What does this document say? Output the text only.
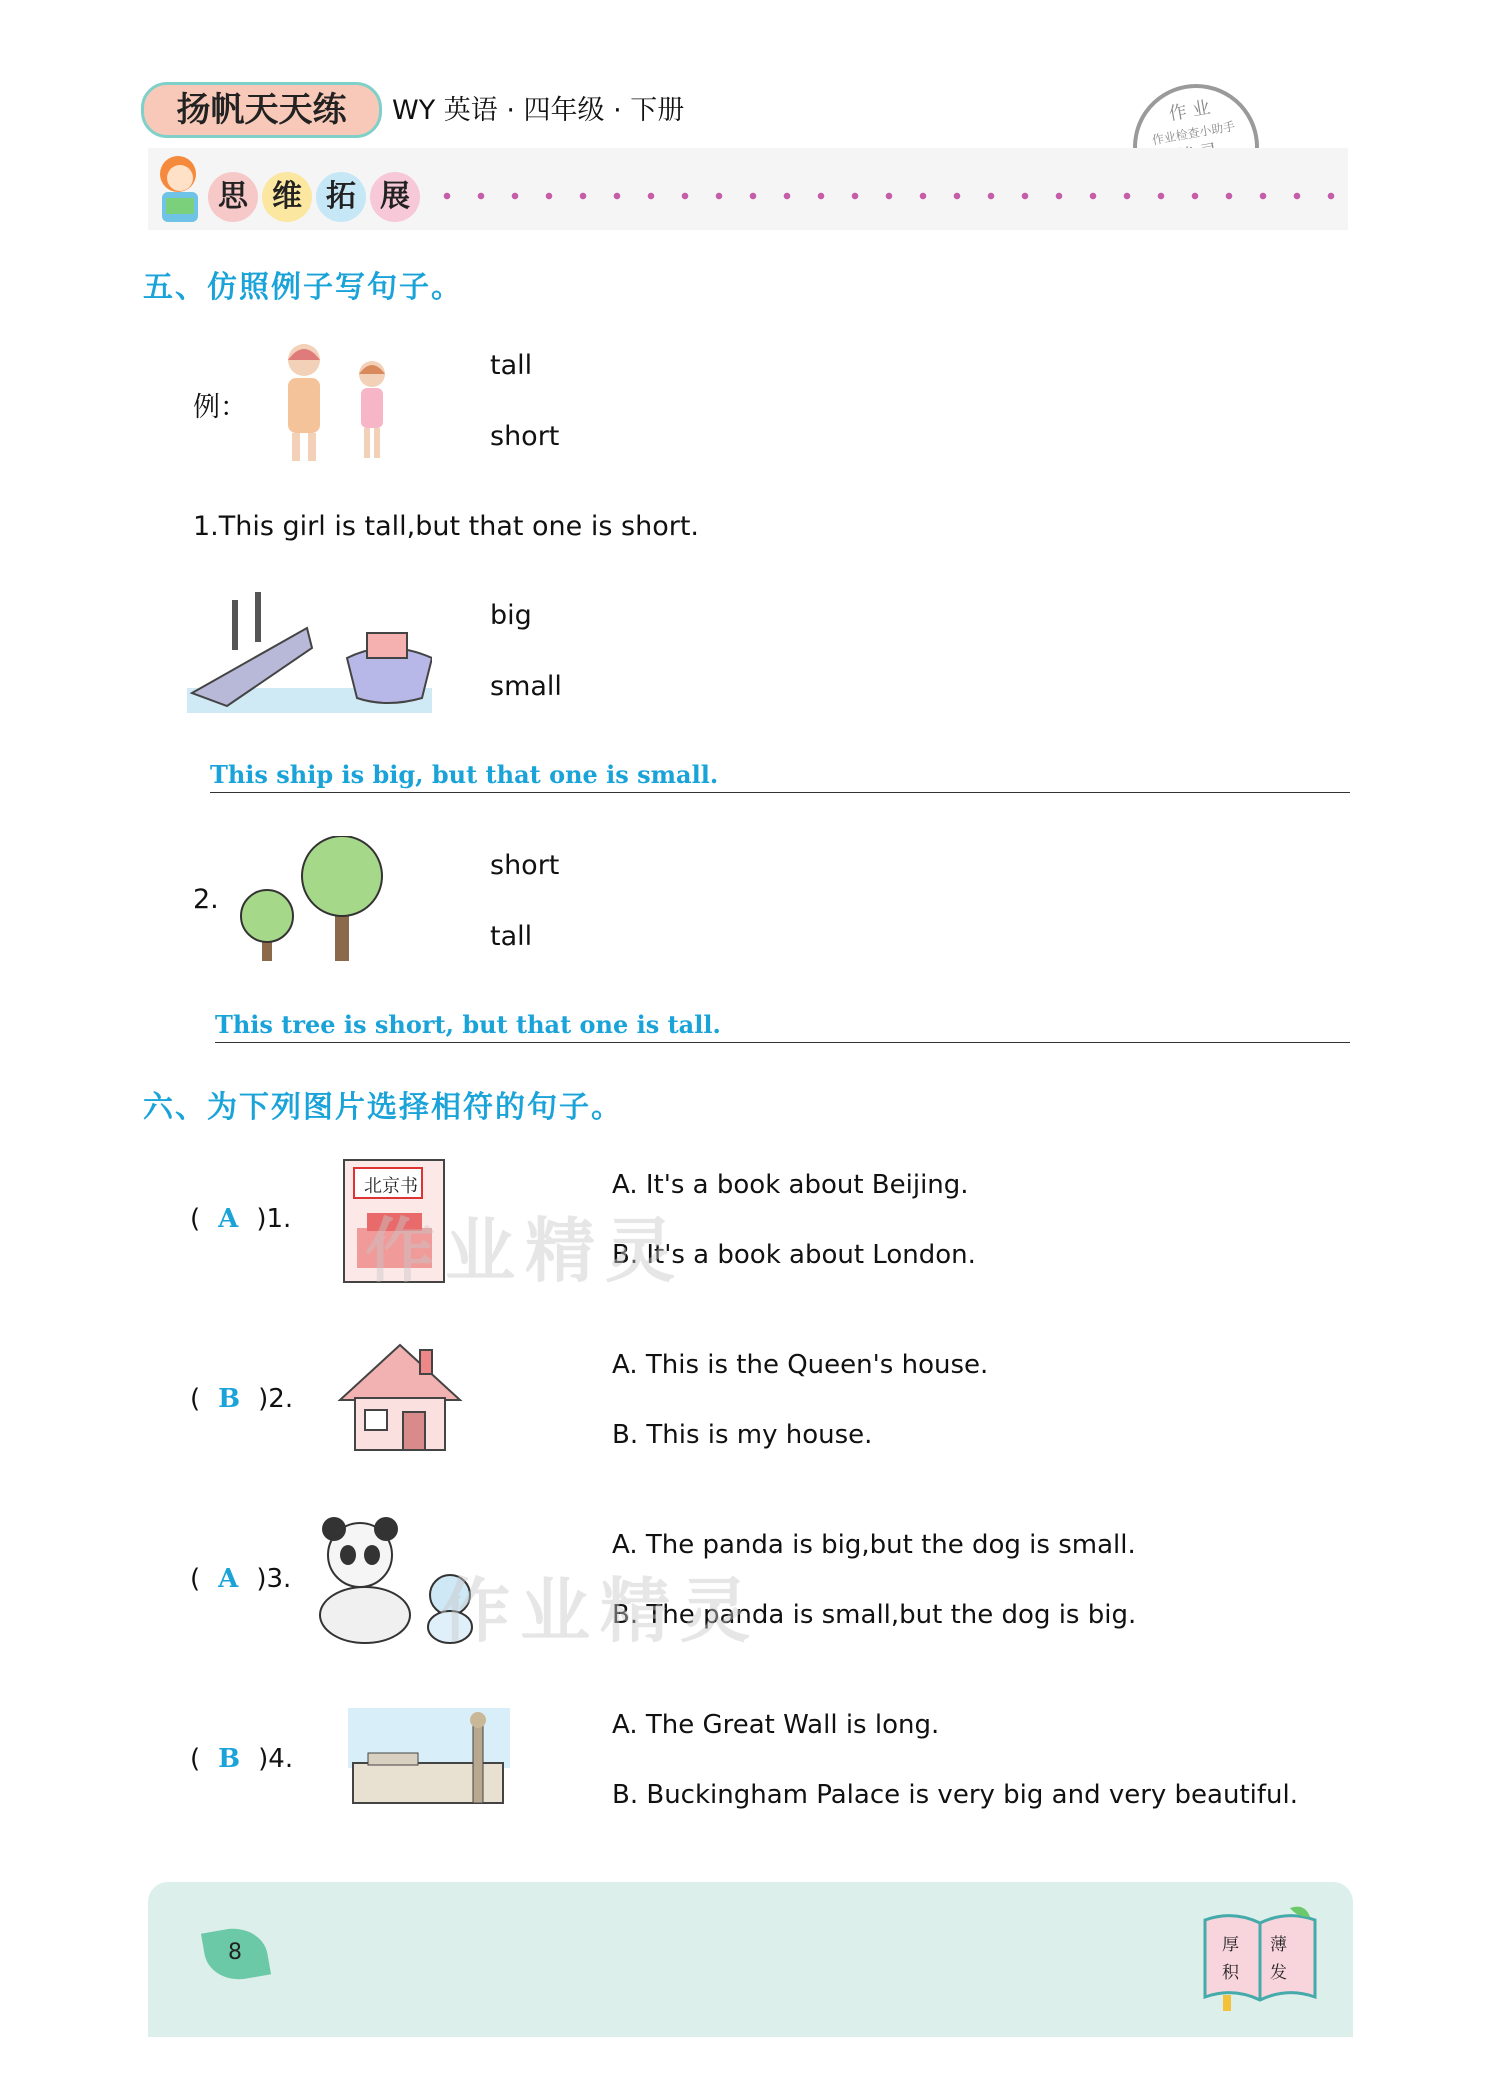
扬帆天天练	WY 英语 · 四年级 · 下册	作 业
作业检查小助手
思 维 拓 展
五、仿照例子写句子。
例：
tall
short
1.This girl is tall,but that one is short.
big
small
This ship is big, but that one is small.
2.
short
tall
This tree is short, but that one is tall.
六、为下列图片选择相符的句子。
( A )1.
北京书	A. It's a book about Beijing.
B. It's a book about London.
作业精灵
( B )2.
A. This is the Queen's house.
B. This is my house.
( A )3.
A. The panda is big,but the dog is small.
B. The panda is small,but the dog is big.
作业精灵
( B )4.
A. The Great Wall is long.
B. Buckingham Palace is very big and very beautiful.
8	厚 薄
积 发
